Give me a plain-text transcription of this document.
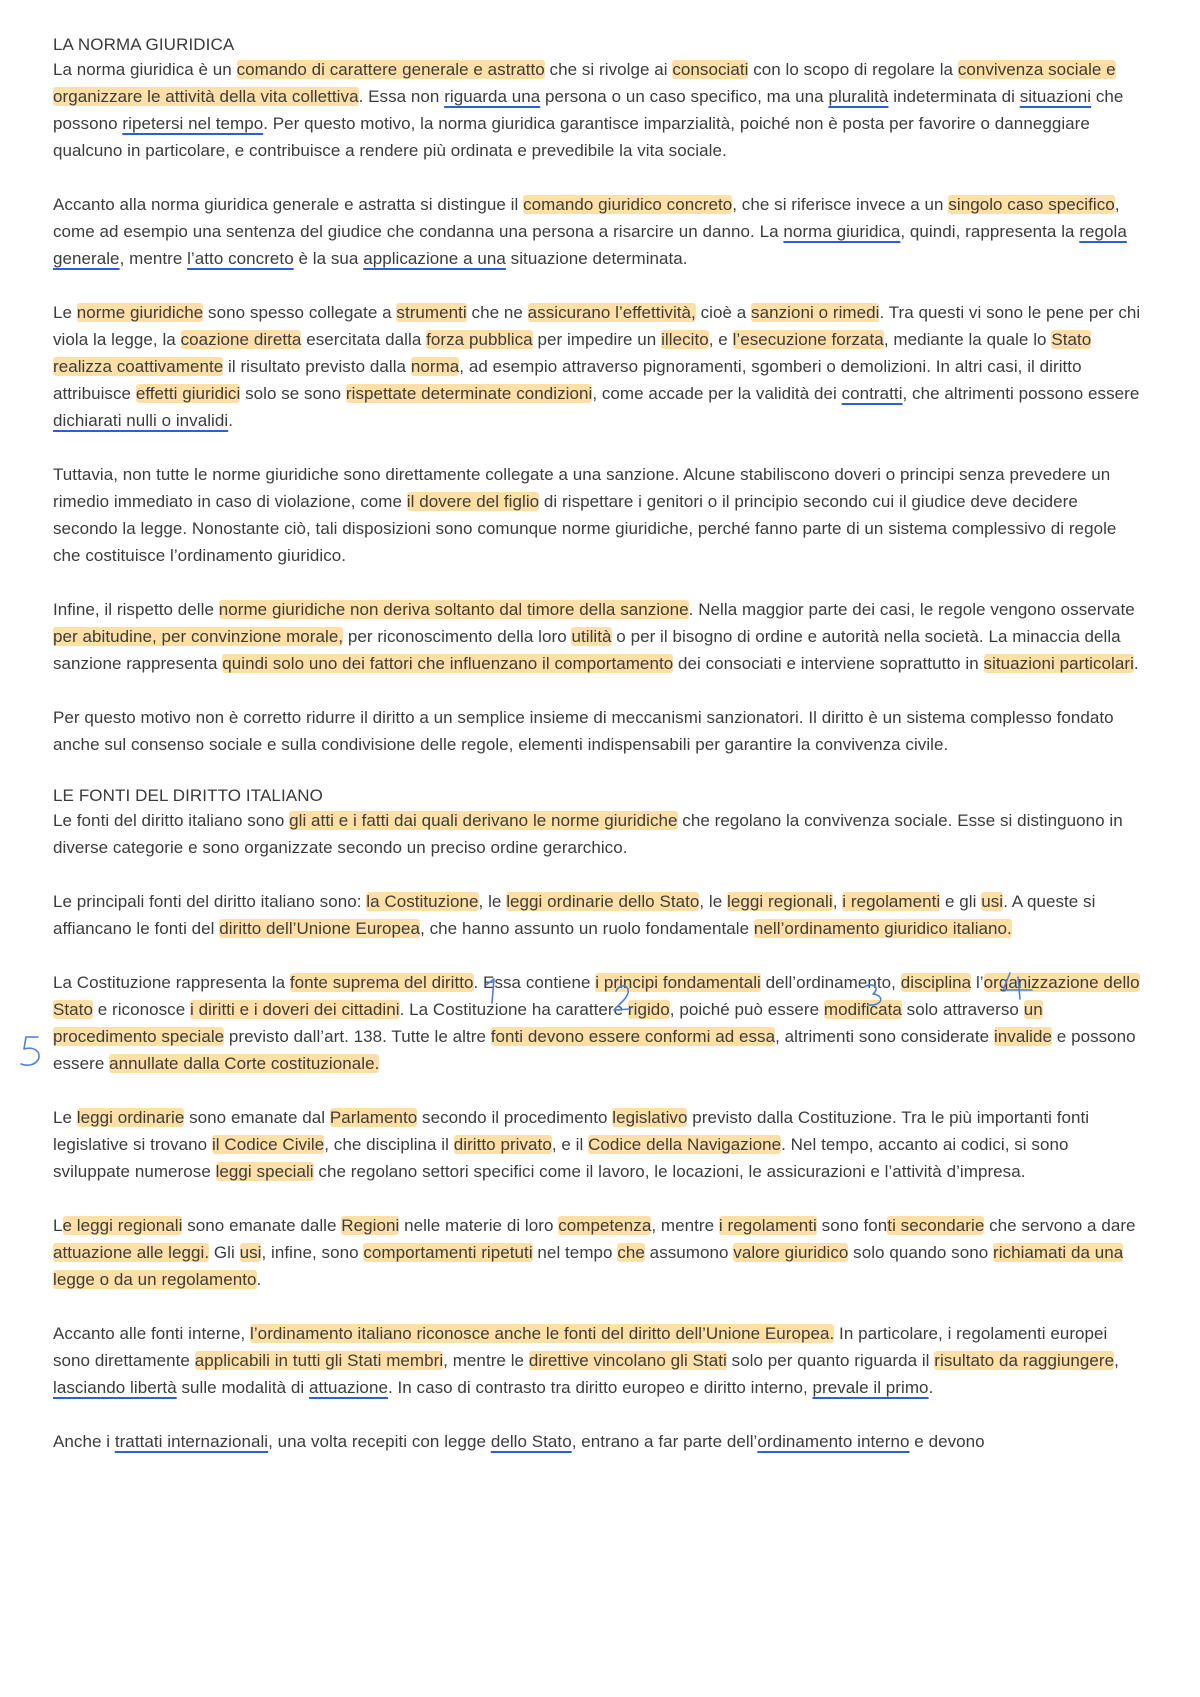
LA NORMA GIURIDICA

La norma giuridica è un comando di carattere generale e astratto che si rivolge ai consociati con lo scopo di regolare la convivenza sociale e organizzare le attività della vita collettiva. Essa non riguarda una persona o un caso specifico, ma una pluralità indeterminata di situazioni che possono ripetersi nel tempo. Per questo motivo, la norma giuridica garantisce imparzialità, poiché non è posta per favorire o danneggiare qualcuno in particolare, e contribuisce a rendere più ordinata e prevedibile la vita sociale.

Accanto alla norma giuridica generale e astratta si distingue il comando giuridico concreto, che si riferisce invece a un singolo caso specifico, come ad esempio una sentenza del giudice che condanna una persona a risarcire un danno. La norma giuridica, quindi, rappresenta la regola generale, mentre l’atto concreto è la sua applicazione a una situazione determinata.

Le norme giuridiche sono spesso collegate a strumenti che ne assicurano l’effettività, cioè a sanzioni o rimedi. Tra questi vi sono le pene per chi viola la legge, la coazione diretta esercitata dalla forza pubblica per impedire un illecito, e l’esecuzione forzata, mediante la quale lo Stato realizza coattivamente il risultato previsto dalla norma, ad esempio attraverso pignoramenti, sgomberi o demolizioni. In altri casi, il diritto attribuisce effetti giuridici solo se sono rispettate determinate condizioni, come accade per la validità dei contratti, che altrimenti possono essere dichiarati nulli o invalidi.

Tuttavia, non tutte le norme giuridiche sono direttamente collegate a una sanzione. Alcune stabiliscono doveri o principi senza prevedere un rimedio immediato in caso di violazione, come il dovere del figlio di rispettare i genitori o il principio secondo cui il giudice deve decidere secondo la legge. Nonostante ciò, tali disposizioni sono comunque norme giuridiche, perché fanno parte di un sistema complessivo di regole che costituisce l’ordinamento giuridico.

Infine, il rispetto delle norme giuridiche non deriva soltanto dal timore della sanzione. Nella maggior parte dei casi, le regole vengono osservate per abitudine, per convinzione morale, per riconoscimento della loro utilità o per il bisogno di ordine e autorità nella società. La minaccia della sanzione rappresenta quindi solo uno dei fattori che influenzano il comportamento dei consociati e interviene soprattutto in situazioni particolari.

Per questo motivo non è corretto ridurre il diritto a un semplice insieme di meccanismi sanzionatori. Il diritto è un sistema complesso fondato anche sul consenso sociale e sulla condivisione delle regole, elementi indispensabili per garantire la convivenza civile.

LE FONTI DEL DIRITTO ITALIANO

Le fonti del diritto italiano sono gli atti e i fatti dai quali derivano le norme giuridiche che regolano la convivenza sociale. Esse si distinguono in diverse categorie e sono organizzate secondo un preciso ordine gerarchico.

Le principali fonti del diritto italiano sono: la Costituzione, le leggi ordinarie dello Stato, le leggi regionali, i regolamenti e gli usi. A queste si affiancano le fonti del diritto dell’Unione Europea, che hanno assunto un ruolo fondamentale nell’ordinamento giuridico italiano.

La Costituzione rappresenta la fonte suprema del diritto. Essa contiene i principi fondamentali dell’ordinamento, disciplina l’organizzazione dello Stato e riconosce i diritti e i doveri dei cittadini. La Costituzione ha carattere rigido, poiché può essere modificata solo attraverso un procedimento speciale previsto dall’art. 138. Tutte le altre fonti devono essere conformi ad essa, altrimenti sono considerate invalide e possono essere annullate dalla Corte costituzionale.

Le leggi ordinarie sono emanate dal Parlamento secondo il procedimento legislativo previsto dalla Costituzione. Tra le più importanti fonti legislative si trovano il Codice Civile, che disciplina il diritto privato, e il Codice della Navigazione. Nel tempo, accanto ai codici, si sono sviluppate numerose leggi speciali che regolano settori specifici come il lavoro, le locazioni, le assicurazioni e l’attività d’impresa.

Le leggi regionali sono emanate dalle Regioni nelle materie di loro competenza, mentre i regolamenti sono fonti secondarie che servono a dare attuazione alle leggi. Gli usi, infine, sono comportamenti ripetuti nel tempo che assumono valore giuridico solo quando sono richiamati da una legge o da un regolamento.

Accanto alle fonti interne, l’ordinamento italiano riconosce anche le fonti del diritto dell’Unione Europea. In particolare, i regolamenti europei sono direttamente applicabili in tutti gli Stati membri, mentre le direttive vincolano gli Stati solo per quanto riguarda il risultato da raggiungere, lasciando libertà sulle modalità di attuazione. In caso di contrasto tra diritto europeo e diritto interno, prevale il primo.

Anche i trattati internazionali, una volta recepiti con legge dello Stato, entrano a far parte dell’ordinamento interno e devono
